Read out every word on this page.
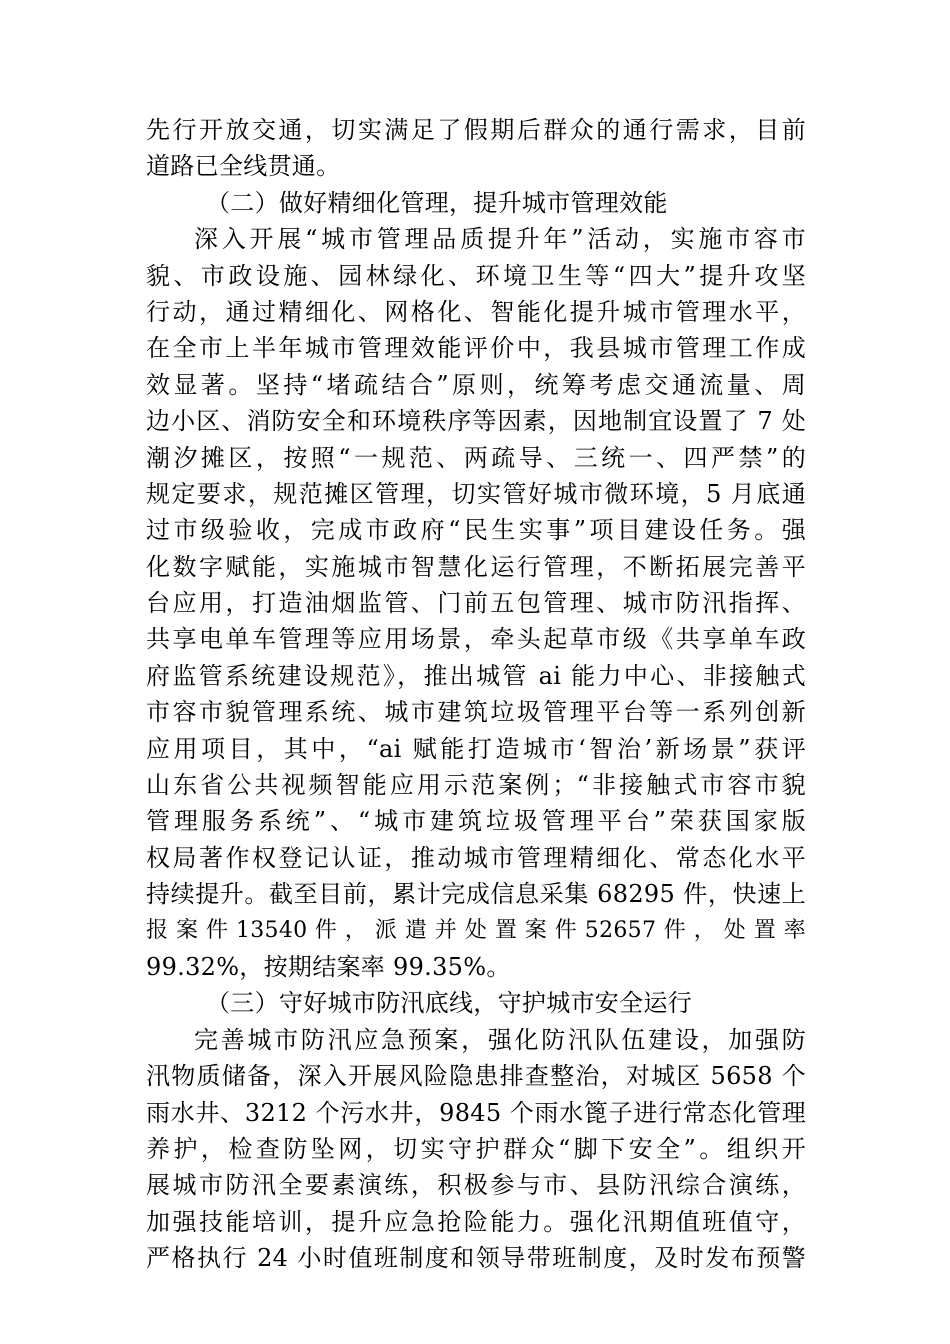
先行开放交通，切实满足了假期后群众的通行需求，目前
道路已全线贯通。
（二）做好精细化管理，提升城市管理效能
深入开展“城市管理品质提升年”活动，实施市容市
貌、市政设施、园林绿化、环境卫生等“四大”提升攻坚
行动，通过精细化、网格化、智能化提升城市管理水平，
在全市上半年城市管理效能评价中，我县城市管理工作成
效显著。坚持“堵疏结合”原则，统筹考虑交通流量、周
边小区、消防安全和环境秩序等因素，因地制宜设置了 7 处
潮汐摊区，按照“一规范、两疏导、三统一、四严禁”的
规定要求，规范摊区管理，切实管好城市微环境，5 月底通
过市级验收，完成市政府“民生实事”项目建设任务。强
化数字赋能，实施城市智慧化运行管理，不断拓展完善平
台应用，打造油烟监管、门前五包管理、城市防汛指挥、
共享电单车管理等应用场景，牵头起草市级《共享单车政
府监管系统建设规范》，推出城管 ai 能力中心、非接触式
市容市貌管理系统、城市建筑垃圾管理平台等一系列创新
应用项目，其中，“ai 赋能打造城市‘智治’新场景”获评
山东省公共视频智能应用示范案例；“非接触式市容市貌
管理服务系统”、“城市建筑垃圾管理平台”荣获国家版
权局著作权登记认证，推动城市管理精细化、常态化水平
持续提升。截至目前，累计完成信息采集 68295 件，快速上
报 案 件 13540 件 ， 派 遣 并 处 置 案 件 52657 件 ， 处 置 率
99.32%，按期结案率 99.35%。
（三）守好城市防汛底线，守护城市安全运行
完善城市防汛应急预案，强化防汛队伍建设，加强防
汛物质储备，深入开展风险隐患排查整治，对城区 5658 个
雨水井、3212 个污水井，9845 个雨水篦子进行常态化管理
养护，检查防坠网，切实守护群众“脚下安全”。组织开
展城市防汛全要素演练，积极参与市、县防汛综合演练，
加强技能培训，提升应急抢险能力。强化汛期值班值守，
严格执行 24 小时值班制度和领导带班制度，及时发布预警
